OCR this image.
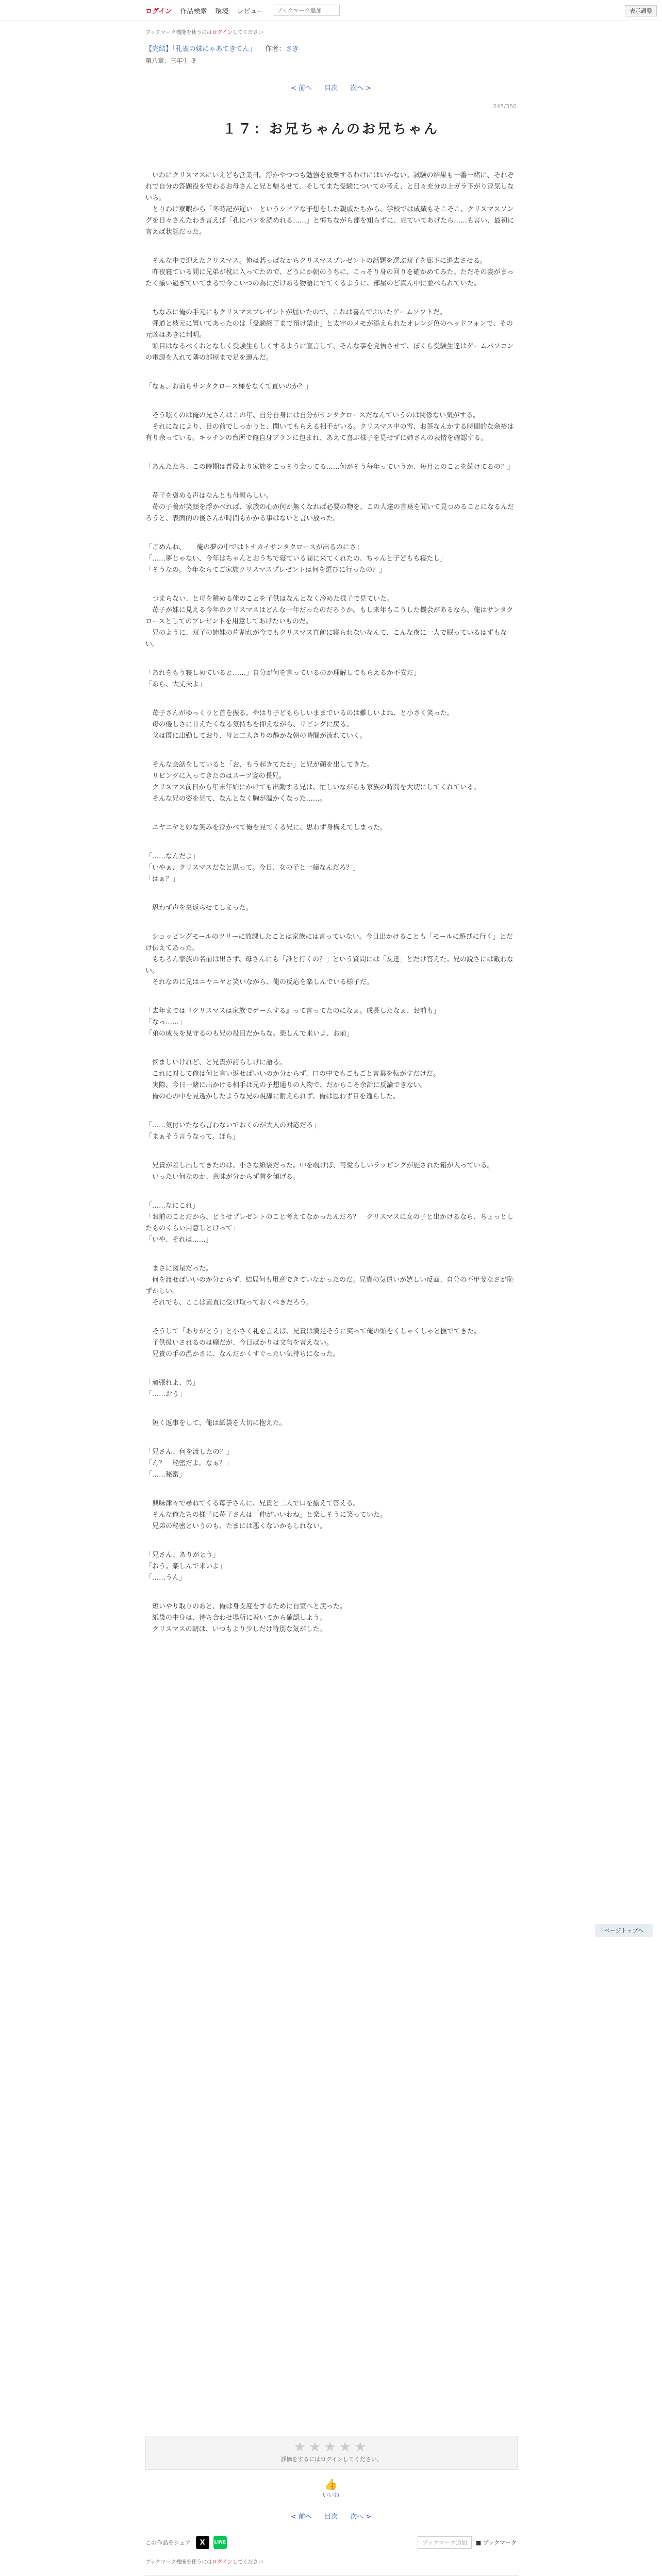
ログイン 作品検索 環境 レビュー
ブックマーク追加	表示調整
ブックマーク機能を使うにはログインしてください
【完結】「孔雀の妹にゃあてきてん」 作者：さき
第八章：三年生 冬
< 前へ 目次 次へ >
245/350
１７：お兄ちゃんのお兄ちゃん

　いわにクリスマスにいえども営業日。浮かやつつも勉強を放棄するわけにはいかない。試験の結果も一番一緒に、それぞれで自分の答題役を従わるお母さんと兄と帰るせて、そしてまた受験についての考え、と日々充分の上ガラ下がり浮気しないら。
　とりわけ寮暇から「冬時記が遅い」というシビアな予想をした親戚たちから、学校では成績もそこそこ、クリスマスソングを日々さんたわき言えば「孔にパンを読めれる……」と悔ちながら部を知らずに、見ていてあげたら……も言い、最初に言えば状態だった。

　そんな中で迎えたクリスマス。俺は碁っぱなからクリスマスプレゼントの話題を選ぶ双子を廊下に退去させる。
　昨夜寝ている間に兄弟が枕に入ってたので、どうにか朝のうちに、こっそり身の回りを確かめてみた。ただその姿がまったく揃い過ぎていてまるで今こいつの為にだけある物語にでてくるように、部屋のど真ん中に並べられていた。

　ちなみに俺の手元にもクリスマスプレゼントが届いたので、これは喜んでおいたゲームソフトだ。
　弾道と枝元に置いてあったのは「受験終了まで預け禁止」と太字のメモが添えられたオレンジ色のヘッドフォンで、その元凶はあきに判明。
　頭目はなるべくおとなしく受験生らしくするように宣言して、そんな事を覚悟させて、ぼくら受験生達はゲームパソコンの電源を入れて隣の部屋まで足を運んだ。

「なぁ、お前らサンタクロース様をなくて直いのか？」

　そう呟くのは俺の兄さんはこの年、自分自身には自分がサンタクロースだなんていうのは関係ない気がする。
　それになにより、目の前でしっかりと、聞いてもらえる相手がいる。クリスマス中の雪、お茶なんかする時間的な余裕は有り余っている。キッチンの台所で俺自身ブランに包まれ、あえて喜ぶ様子を見せずに姉さんの表情を確認する。

「あんたたち、この時期は普段より家族をこっそり会ってる……何がそう毎年っていうか、毎月とのことを続けてるの？」

　苺子を褒める声はなんとも母親らしい。
　苺の子養が笑顔を浮かべれば、家族の心が何か無くなれば必要の物を、この人達の言葉を聞いて見つめることになるんだろうと、表面的の後さんが時間もかかる事はないと言い放った。

「ごめんね、	俺の夢の中ではトナカイサンタクロースが出るのにさ」
「……夢じゃない、今年はちゃんとおうちで寝ている間に来てくれたの、ちゃんと子どもも寝たし」
「そうなの。今年ならてご家族クリスマスプレゼントは何を選びに行ったの？」

　つまらない、と母を眺める俺のことを子供はなんとなく冷めた様子で見ていた。
　苺子が妹に見える今年のクリスマスはどんな一年だったのだろうか。もし来年もこうした機会があるなら、俺はサンタクロースとしてのプレゼントを用意してあげたいものだ。
　兄のように、双子の姉妹の片割れが今でもクリスマス直前に寝られないなんて、こんな夜に一人で眠っているはずもない。

「あれをもう寝しめていると……」自分が何を言っているのか理解してもらえるか不安だ」
「あら、大丈夫よ」

　苺子さんがゆっくりと首を振る。やはり子どもらしいままでいるのは難しいよね、と小さく笑った。
　母の優しさに甘えたくなる気持ちを抑えながら、リビングに戻る。
　父は既に出勤しており、母と二人きりの静かな朝の時間が流れていく。

　そんな会話をしていると「お、もう起きてたか」と兄が顔を出してきた。
　リビングに入ってきたのはスーツ姿の長兄。
　クリスマス前日から年末年始にかけても出勤する兄は、忙しいながらも家族の時間を大切にしてくれている。
　そんな兄の姿を見て、なんとなく胸が温かくなった……。

　ニヤニヤと妙な笑みを浮かべて俺を見てくる兄に、思わず身構えてしまった。

「……なんだよ」
「いやぁ、クリスマスだなと思って。今日、女の子と一緒なんだろ？」
「はぁ？」

　思わず声を裏返らせてしまった。

　ショッピングモールのツリーに放課したことは家族には言っていない。今日出かけることも「モールに遊びに行く」とだけ伝えてあった。
　もちろん家族の名前は出さず、母さんにも「誰と行くの？」という質問には「友達」とだけ答えた。兄の鋭さには敵わない。
　それなのに兄はニヤニヤと笑いながら、俺の反応を楽しんでいる様子だ。

「去年までは『クリスマスは家族でゲームする』って言ってたのになぁ。成長したなぁ、お前も」
「なっ……」
「弟の成長を見守るのも兄の役目だからな。楽しんで来いよ、お前」

　悩ましいけれど、と兄貴が誇らしげに語る。
　これに対して俺は何と言い返せばいいのか分からず、口の中でもごもごと言葉を転がすだけだ。
　実際、今日一緒に出かける相手は兄の予想通りの人物で、だからこそ余計に反論できない。
　俺の心の中を見透かしたような兄の視線に耐えられず、俺は思わず目を逸らした。

「……気付いたなら言わないでおくのが大人の対応だろ」
「まぁそう言うなって。ほら」

　兄貴が差し出してきたのは、小さな紙袋だった。中を覗けば、可愛らしいラッピングが施された箱が入っている。
　いったい何なのか、意味が分からず首を傾げる。

「……なにこれ」
「お前のことだから、どうせプレゼントのこと考えてなかったんだろ？　クリスマスに女の子と出かけるなら、ちょっとしたものくらい用意しとけって」
「いや、それは……」

　まさに図星だった。
　何を渡せばいいのか分からず、結局何も用意できていなかったのだ。兄貴の気遣いが嬉しい反面、自分の不甲斐なさが恥ずかしい。
　それでも、ここは素直に受け取っておくべきだろう。

　そうして「ありがとう」と小さく礼を言えば、兄貴は満足そうに笑って俺の頭をくしゃくしゃと撫でてきた。
　子供扱いされるのは癪だが、今日ばかりは文句を言えない。
　兄貴の手の温かさに、なんだかくすぐったい気持ちになった。

「頑張れよ、弟」
「……おう」

　短く返事をして、俺は紙袋を大切に抱えた。

「兄さん、何を渡したの？」
「ん？　秘密だよ。なぁ？」
「……秘密」

　興味津々で尋ねてくる苺子さんに、兄貴と二人で口を揃えて答える。
　そんな俺たちの様子に苺子さんは「仲がいいわね」と楽しそうに笑っていた。
　兄弟の秘密というのも、たまには悪くないかもしれない。

「兄さん、ありがとう」
「おう。楽しんで来いよ」
「……うん」

　短いやり取りのあと、俺は身支度をするために自室へと戻った。
　紙袋の中身は、待ち合わせ場所に着いてから確認しよう。
　クリスマスの朝は、いつもより少しだけ特別な気がした。

★★★★★
評価をするにはログインしてください。
👍
いいね
< 前へ 目次 次へ >
この作品をシェア X LINE	ブックマーク追加	■ ブックマーク
ブックマーク機能を使うにはログインしてください
ページトップへ
